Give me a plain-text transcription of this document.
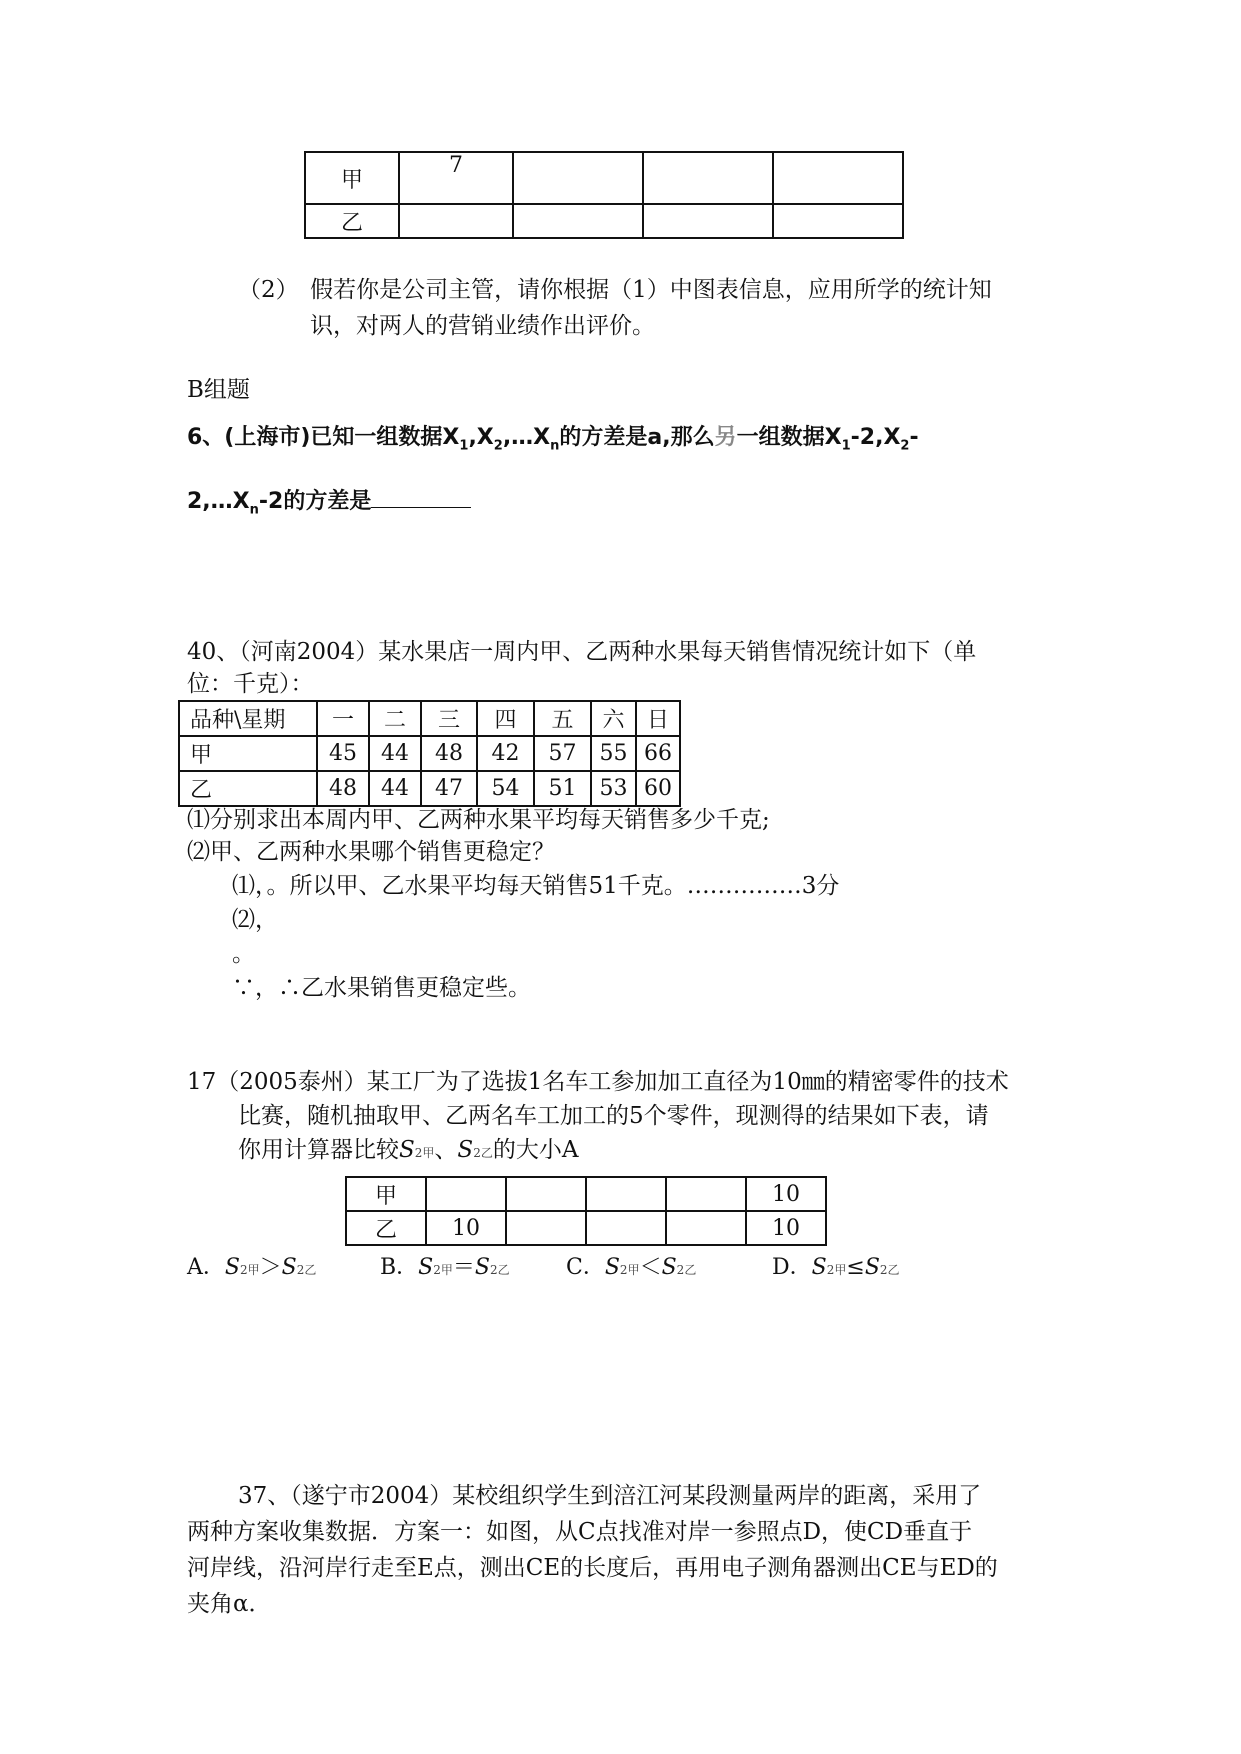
甲	7			
乙				
（2）　假若你是公司主管，请你根据（1）中图表信息，应用所学的统计知
识，对两人的营销业绩作出评价。
B组题
6、(上海市)已知一组数据$X_1,X_2,\dots X_n$的方差是a,那么另一组数据$X_1-2,X_2-$
$2,\dots X_n-2$的方差是
40、（河南2004）某水果店一周内甲、乙两种水果每天销售情况统计如下（单
位：千克）：
品种\星期	一	二	三	四	五	六	日
甲	45	44	48	42	57	55	66
乙	48	44	47	54	51	53	60
⑴分别求出本周内甲、乙两种水果平均每天销售多少千克;
⑵甲、乙两种水果哪个销售更稳定？
⑴，。所以甲、乙水果平均每天销售51千克。……………3分
⑵，
。
∵，∴乙水果销售更稳定些。
17（2005泰州）某工厂为了选拔1名车工参加加工直径为10㎜的精密零件的技术
比赛，随机抽取甲、乙两名车工加工的5个零件，现测得的结果如下表，请
你用计算器比较S2甲、S2乙的大小A
甲					10
乙	10				10
A．S2甲＞S2乙	B．S2甲＝S2乙	C．S2甲＜S2乙	D．S2甲≤S2乙
37、（遂宁市2004）某校组织学生到涪江河某段测量两岸的距离，采用了
两种方案收集数据．方案一：如图，从C点找准对岸一参照点D，使CD垂直于
河岸线，沿河岸行走至E点，测出CE的长度后，再用电子测角器测出CE与ED的
夹角α．
